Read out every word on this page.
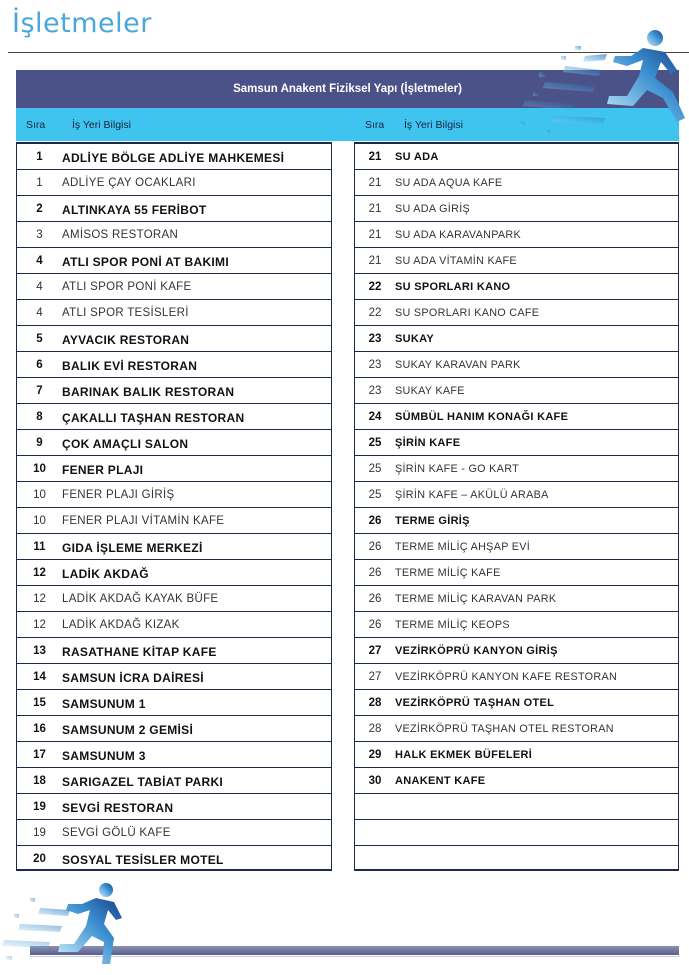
İşletmeler
Samsun Anakent Fiziksel Yapı (İşletmeler)
Sıra	İş Yeri Bilgisi	Sıra İş Yeri Bilgisi
1	ADLİYE BÖLGE ADLİYE MAHKEMESİ
1	ADLİYE ÇAY OCAKLARI
2	ALTINKAYA 55 FERİBOT
3	AMİSOS RESTORAN
4	ATLI SPOR PONİ AT BAKIMI
4	ATLI SPOR PONİ KAFE
4	ATLI SPOR TESİSLERİ
5	AYVACIK RESTORAN
6	BALIK EVİ RESTORAN
7	BARINAK BALIK RESTORAN
8	ÇAKALLI TAŞHAN RESTORAN
9	ÇOK AMAÇLI SALON
10	FENER PLAJI
10	FENER PLAJI GİRİŞ
10	FENER PLAJI VİTAMİN KAFE
11	GIDA İŞLEME MERKEZİ
12	LADİK AKDAĞ
12	LADİK AKDAĞ KAYAK BÜFE
12	LADİK AKDAĞ KIZAK
13	RASATHANE KİTAP KAFE
14	SAMSUN İCRA DAİRESİ
15	SAMSUNUM 1
16	SAMSUNUM 2 GEMİSİ
17	SAMSUNUM 3
18	SARIGAZEL TABİAT PARKI
19	SEVGİ RESTORAN
19	SEVGİ GÖLÜ KAFE
20	SOSYAL TESİSLER MOTEL
21	SU ADA
21	SU ADA AQUA KAFE
21	SU ADA GİRİŞ
21	SU ADA KARAVANPARK
21	SU ADA VİTAMİN KAFE
22	SU SPORLARI KANO
22	SU SPORLARI KANO CAFE
23	SUKAY
23	SUKAY KARAVAN PARK
23	SUKAY KAFE
24	SÜMBÜL HANIM KONAĞI KAFE
25	ŞİRİN KAFE
25	ŞİRİN KAFE - GO KART
25	ŞİRİN KAFE – AKÜLÜ ARABA
26	TERME GİRİŞ
26	TERME MİLİÇ AHŞAP EVİ
26	TERME MİLİÇ KAFE
26	TERME MİLİÇ KARAVAN PARK
26	TERME MİLİÇ KEOPS
27	VEZİRKÖPRÜ KANYON GİRİŞ
27	VEZİRKÖPRÜ KANYON KAFE RESTORAN
28	VEZİRKÖPRÜ TAŞHAN OTEL
28	VEZİRKÖPRÜ TAŞHAN OTEL RESTORAN
29	HALK EKMEK BÜFELERİ
30	ANAKENT KAFE
